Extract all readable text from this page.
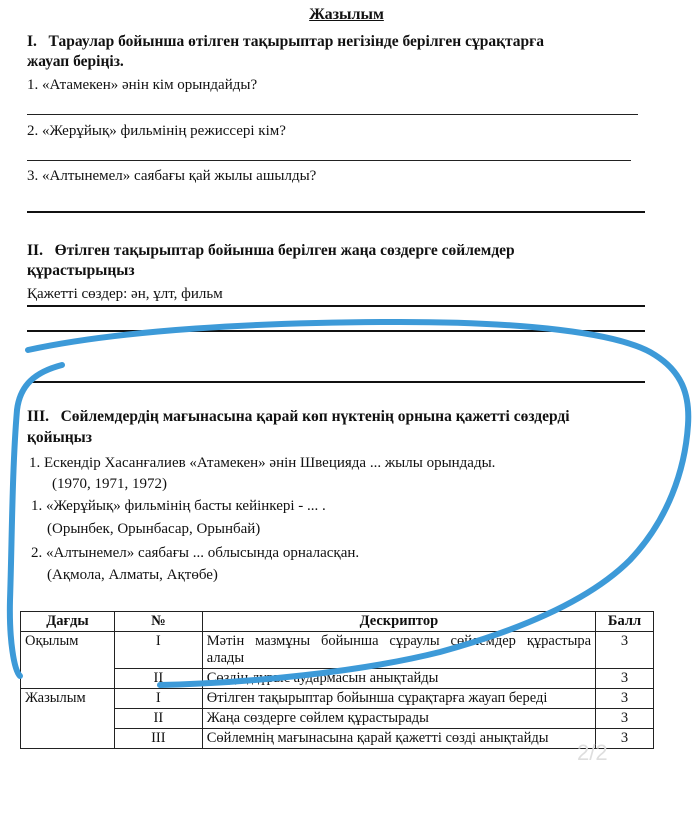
Жазылым
I. Тараулар бойынша өтілген тақырыптар негізінде берілген сұрақтарға
жауап беріңіз.
1. «Атамекен» әнін кім орындайды?
2. «Жерұйық» фильмінің режиссері кім?
3. «Алтынемел» саябағы қай жылы ашылды?
II. Өтілген тақырыптар бойынша берілген жаңа сөздерге сөйлемдер
құрастырыңыз
Қажетті сөздер: ән, ұлт, фильм
III. Сөйлемдердің мағынасына қарай көп нүктенің орнына қажетті сөздерді
қойыңыз
1. Ескендір Хасанғалиев «Атамекен» әнін Швецияда ... жылы орындады.
(1970, 1971, 1972)
1. «Жерұйық» фильмінің басты кейінкері - ... .
(Орынбек, Орынбасар, Орынбай)
2. «Алтынемел» саябағы ... облысында орналасқан.
(Ақмола, Алматы, Ақтөбе)
Дағды	№	Дескриптор	Балл
Оқылым	I	Мәтін мазмұны бойынша сұраулы сөйлемдер құрастыра алады	3
	II	Сөздің дұрыс аудармасын анықтайды	3
Жазылым	I	Өтілген тақырыптар бойынша сұрақтарға жауап береді	3
	II	Жаңа сөздерге сөйлем құрастырады	3
	III	Сөйлемнің мағынасына қарай қажетті сөзді анықтайды	3
2/2
